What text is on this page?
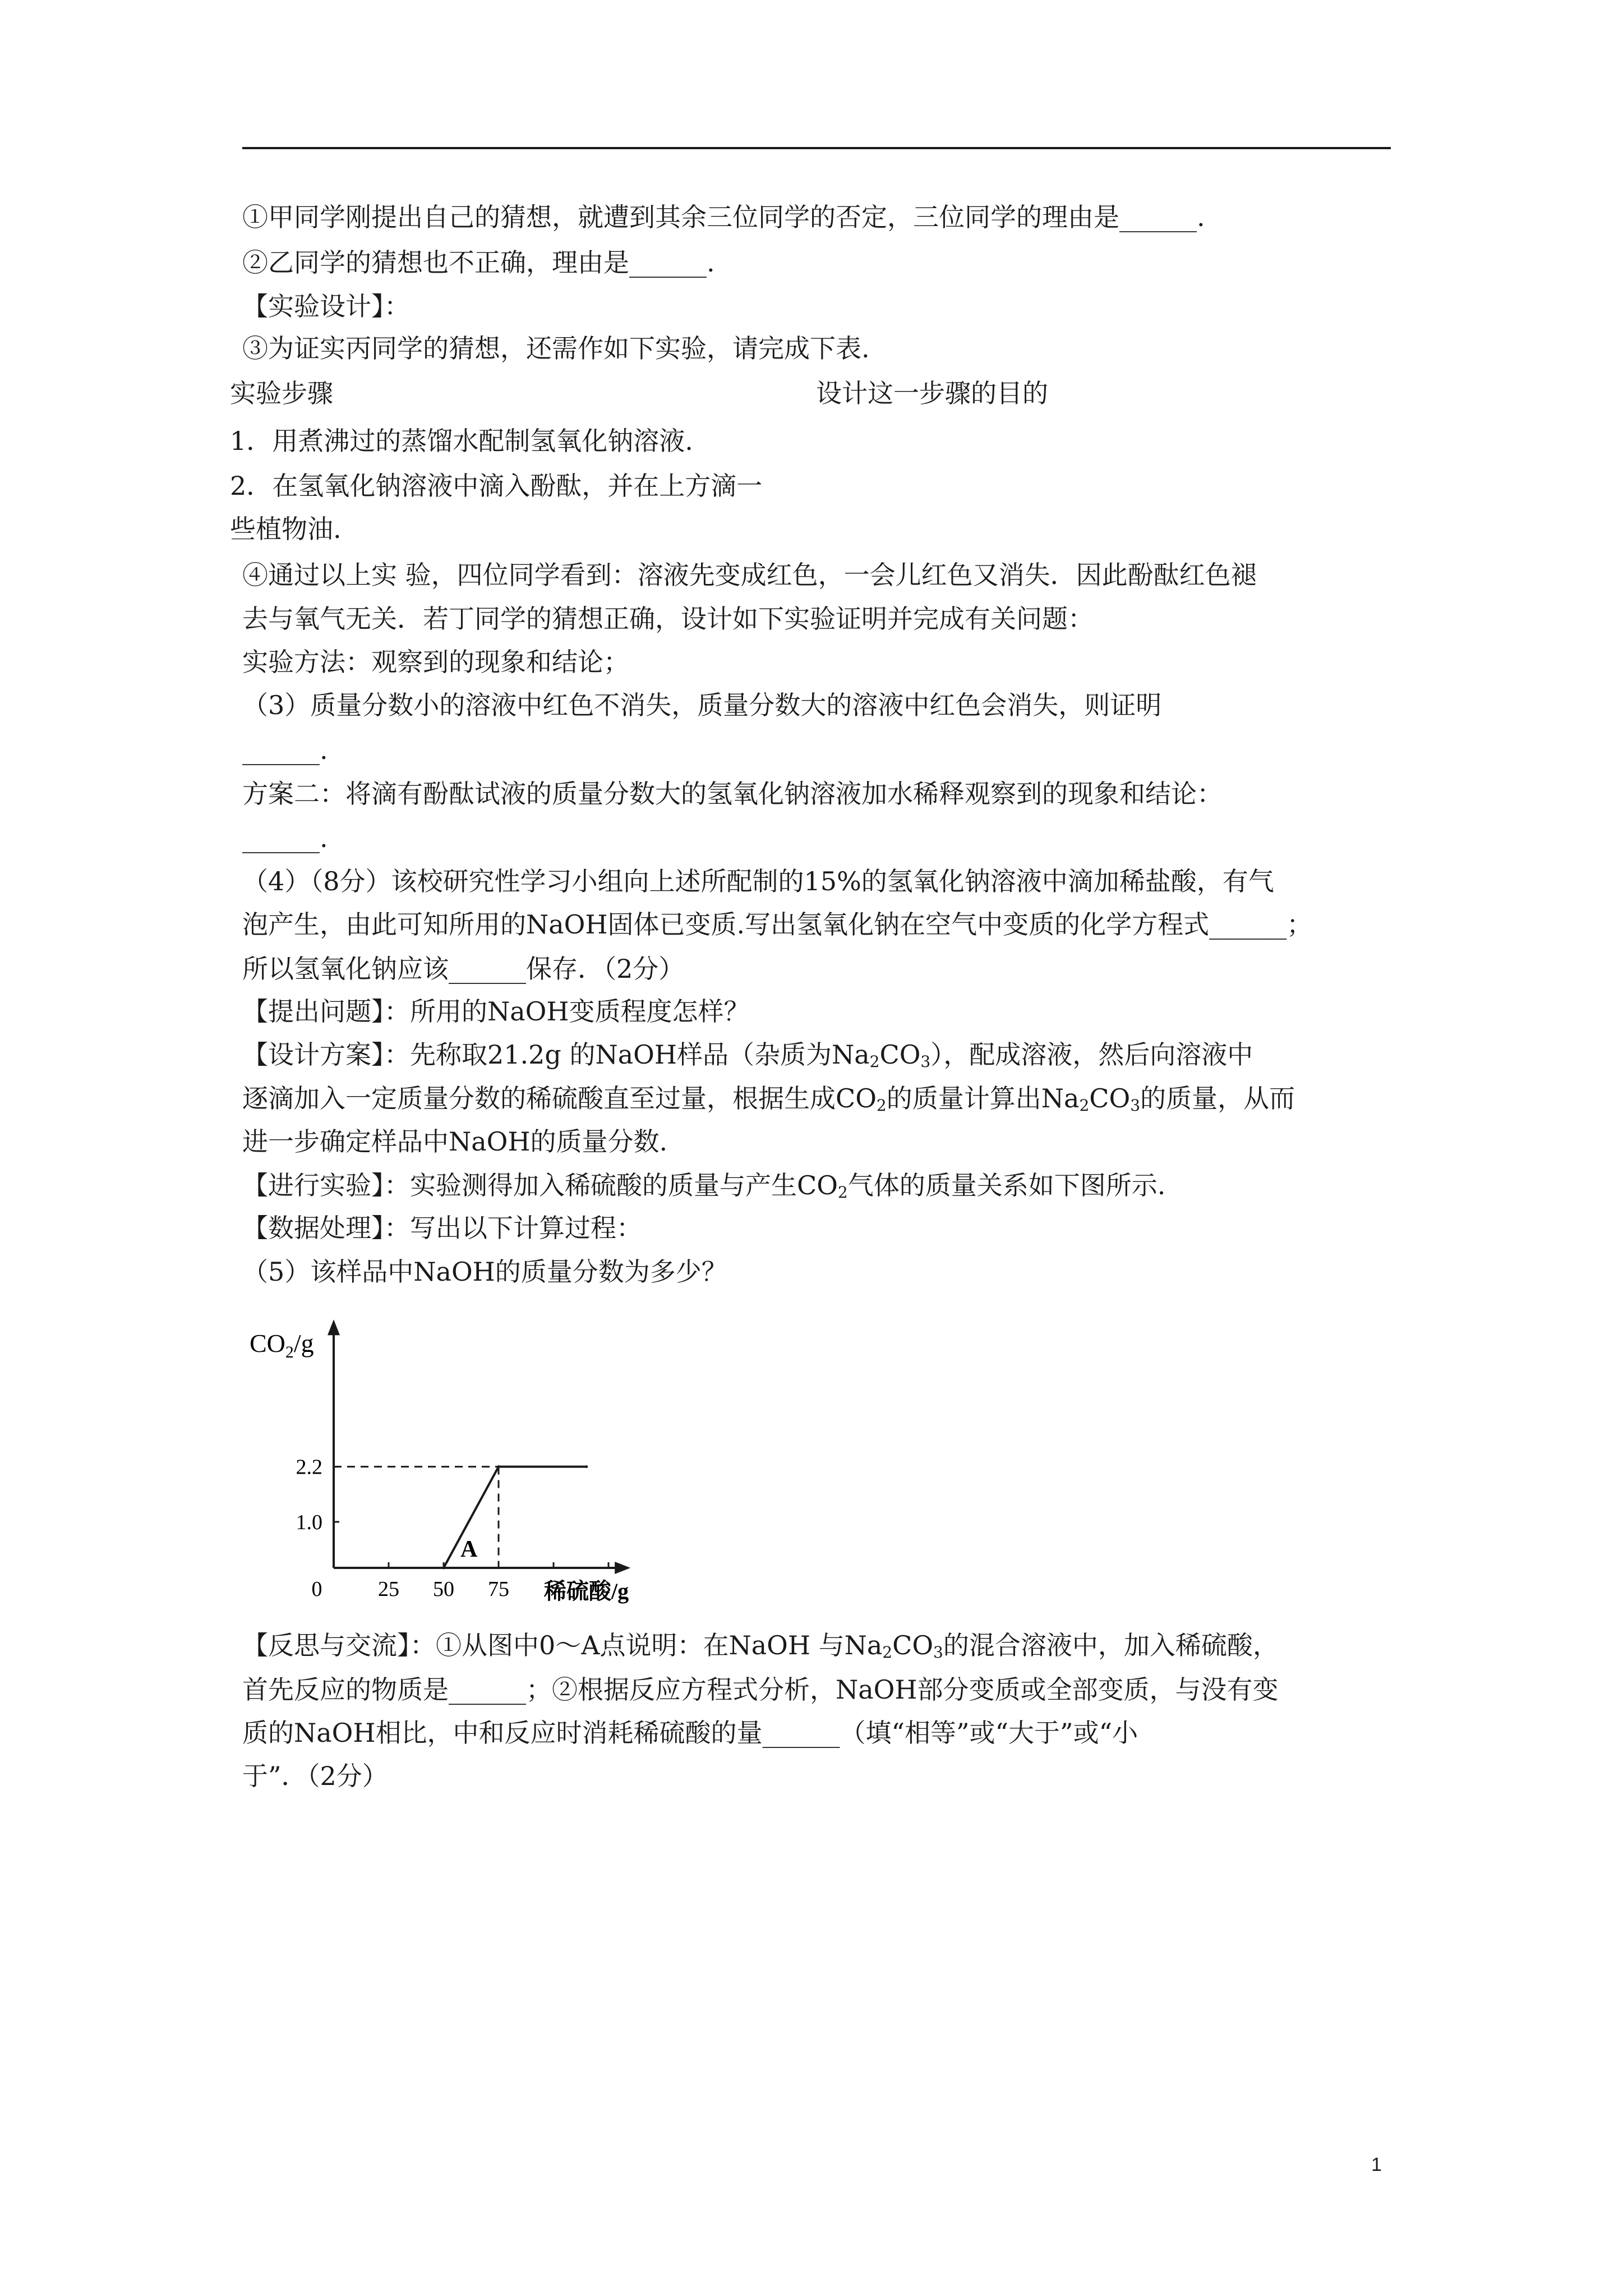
①甲同学刚提出自己的猜想，就遭到其余三位同学的否定，三位同学的理由是______.
②乙同学的猜想也不正确，理由是______.
【实验设计】：
③为证实丙同学的猜想，还需作如下实验，请完成下表.
实验步骤	设计这一步骤的目的
1．用煮沸过的蒸馏水配制氢氧化钠溶液.
2．在氢氧化钠溶液中滴入酚酞，并在上方滴一
些植物油.
④通过以上实 验，四位同学看到：溶液先变成红色，一会儿红色又消失．因此酚酞红色褪
去与氧气无关．若丁同学的猜想正确，设计如下实验证明并完成有关问题：
实验方法：观察到的现象和结论；
（3）质量分数小的溶液中红色不消失，质量分数大的溶液中红色会消失，则证明
______.
方案二：将滴有酚酞试液的质量分数大的氢氧化钠溶液加水稀释观察到的现象和结论：
______.
（4）（8分）该校研究性学习小组向上述所配制的15%的氢氧化钠溶液中滴加稀盐酸，有气
泡产生，由此可知所用的NaOH固体已变质.写出氢氧化钠在空气中变质的化学方程式______；
所以氢氧化钠应该______保存．（2分）
【提出问题】：所用的NaOH变质程度怎样？
【设计方案】：先称取21.2g 的NaOH样品（杂质为$Na_2CO_3$），配成溶液，然后向溶液中
逐滴加入一定质量分数的稀硫酸直至过量，根据生成$CO_2$的质量计算出$Na_2CO_3$的质量，从而
进一步确定样品中NaOH的质量分数.
【进行实验】：实验测得加入稀硫酸的质量与产生$CO_2$气体的质量关系如下图所示.
【数据处理】：写出以下计算过程：
（5）该样品中NaOH的质量分数为多少？
0	25 50 75
1.0
2.2
$CO_2/g$
稀硫酸/g
A
【反思与交流】：①从图中0～A点说明：在NaOH 与$Na_2CO_3$的混合溶液中，加入稀硫酸，
首先反应的物质是______；②根据反应方程式分析，NaOH部分变质或全部变质，与没有变
质的NaOH相比，中和反应时消耗稀硫酸的量______（填“相等”或“大于”或“小
于”．（2分）
1
